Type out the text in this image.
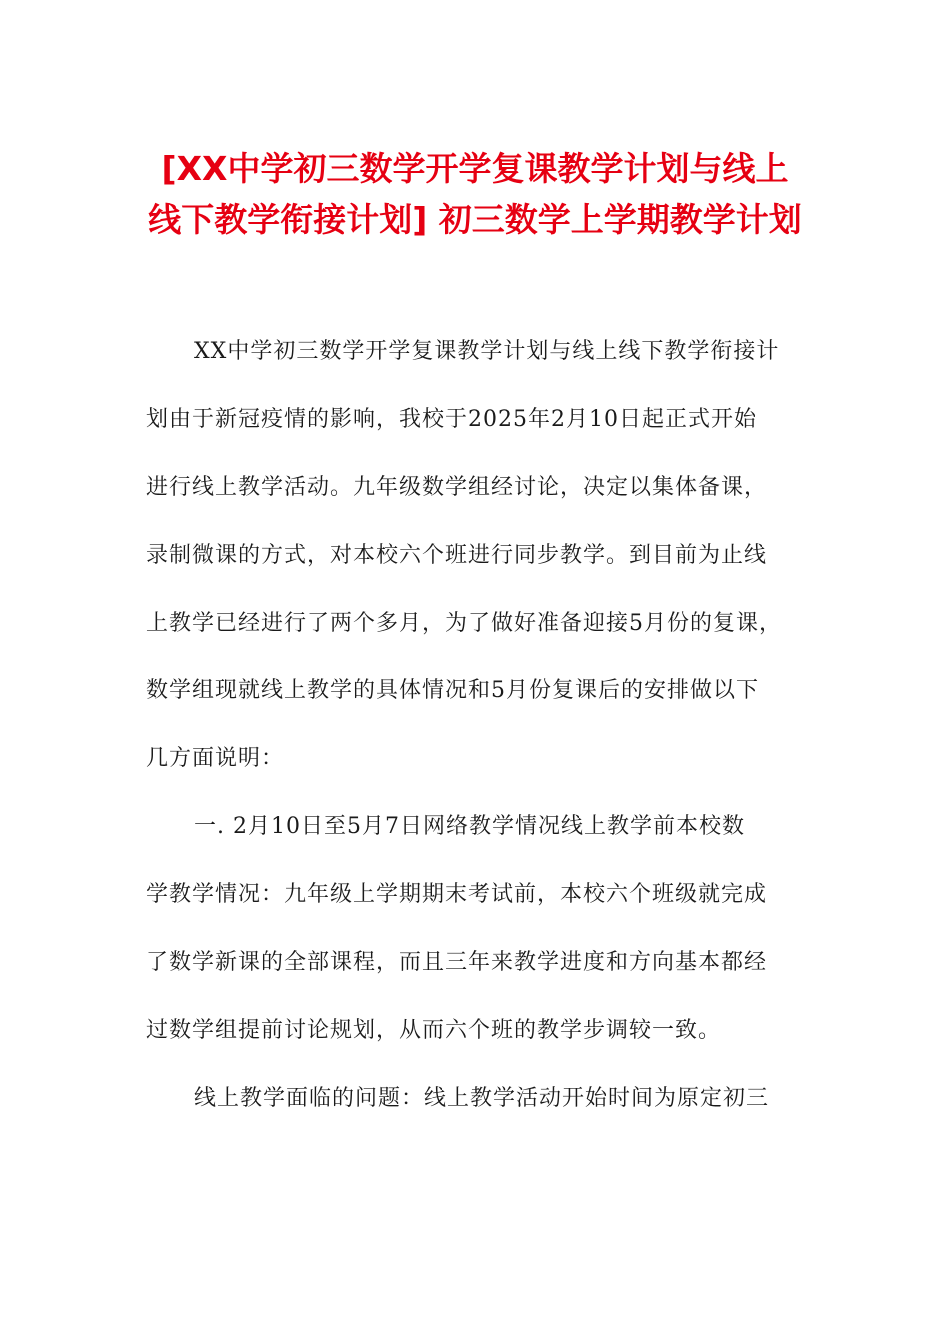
[XX中学初三数学开学复课教学计划与线上
线下教学衔接计划] 初三数学上学期教学计划
XX中学初三数学开学复课教学计划与线上线下教学衔接计
划由于新冠疫情的影响，我校于2025年2月10日起正式开始
进行线上教学活动。九年级数学组经讨论，决定以集体备课，
录制微课的方式，对本校六个班进行同步教学。到目前为止线
上教学已经进行了两个多月，为了做好准备迎接5月份的复课，
数学组现就线上教学的具体情况和5月份复课后的安排做以下
几方面说明：
一. 2月10日至5月7日网络教学情况线上教学前本校数
学教学情况：九年级上学期期末考试前，本校六个班级就完成
了数学新课的全部课程，而且三年来教学进度和方向基本都经
过数学组提前讨论规划，从而六个班的教学步调较一致。
线上教学面临的问题：线上教学活动开始时间为原定初三
